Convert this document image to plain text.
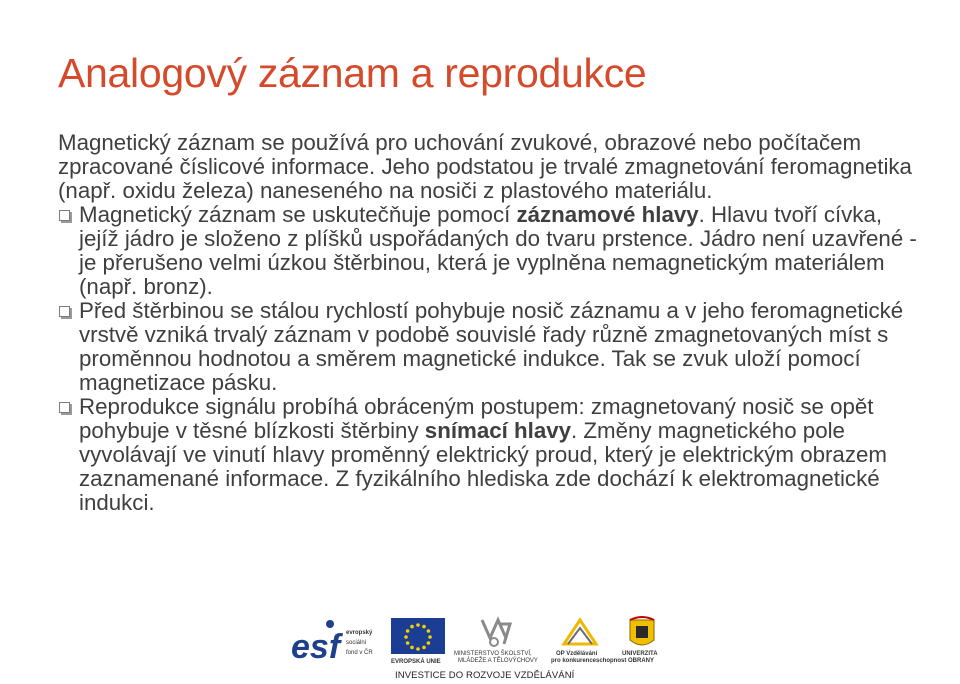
Analogový záznam a reprodukce

Magnetický záznam se používá pro uchování zvukové, obrazové nebo počítačem zpracované číslicové informace. Jeho podstatou je trvalé zmagnetování feromagnetika (např. oxidu železa) naneseného na nosiči z plastového materiálu.

Magnetický záznam se uskutečňuje pomocí záznamové hlavy. Hlavu tvoří cívka, jejíž jádro je složeno z plíšků uspořádaných do tvaru prstence. Jádro není uzavřené - je přerušeno velmi úzkou štěrbinou, která je vyplněna nemagnetickým materiálem (např. bronz).

Před štěrbinou se stálou rychlostí pohybuje nosič záznamu a v jeho feromagnetické vrstvě vzniká trvalý záznam v podobě souvislé řady různě zmagnetovaných míst s proměnnou hodnotou a směrem magnetické indukce. Tak se zvuk uloží pomocí magnetizace pásku.

Reprodukce signálu probíhá obráceným postupem: zmagnetovaný nosič se opět pohybuje v těsné blízkosti štěrbiny snímací hlavy. Změny magnetického pole vyvolávají ve vinutí hlavy proměnný elektrický proud, který je elektrickým obrazem zaznamenané informace. Z fyzikálního hlediska zde dochází k elektromagnetické indukci.

esf evropský
sociální
fond v ČR
EVROPSKÁ UNIE
MINISTERSTVO ŠKOLSTVÍ,
MLÁDEŽE A TĚLOVÝCHOVY
OP Vzdělávání
pro konkurenceschopnost
UNIVERZITA
OBRANY
INVESTICE DO ROZVOJE VZDĚLÁVÁNÍ
